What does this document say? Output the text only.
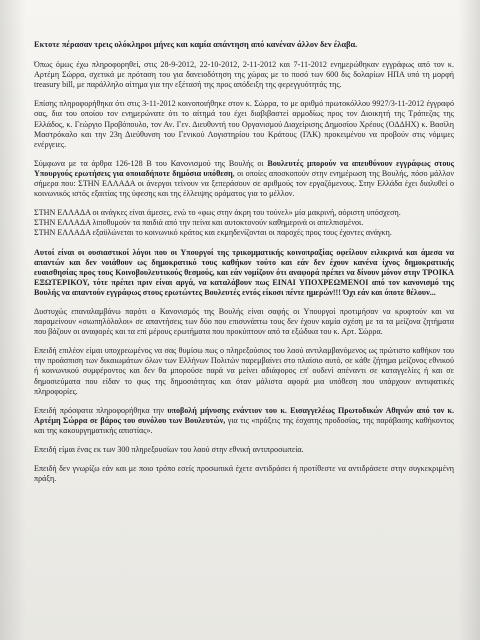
Εκτοτε πέρασαν τρεις ολόκληροι μήνες και καμία απάντηση από κανέναν άλλον δεν έλαβα.
Όπως όμως έχω πληροφορηθεί, στις 28-9-2012, 22-10-2012, 2-11-2012 και 7-11-2012 ενημερώθηκαν εγγράφως από τον κ. Αρτέμη Σώρρα, σχετικά με πρόταση του για δανειοδότηση της χώρας με το ποσό των 600 δις δολαρίων ΗΠΑ υπό τη μορφή treasury bill, με παράλληλο αίτημα για την εξέτασή της προς απόδειξη της φερεγγυότητάς της.
Επίσης πληροφορήθηκα ότι στις 3-11-2012 κοινοποιήθηκε στον κ. Σώρρα, το με αριθμό πρωτοκόλλου 9927/3-11-2012 έγγραφό σας, δια του οποίου τον ενημερώνατε ότι το αίτημά του έχει διαβιβαστεί αρμοδίως προς τον Διοικητή της Τράπεζας της Ελλάδος, κ. Γεώργιο Προβόπουλο, τον Αν. Γεν. Διευθυντή του Οργανισμού Διαχείρισης Δημοσίου Χρέους (ΟΔΔΗΧ) κ. Βασίλη Μαστρόκαλο και την 23η Διεύθυνση του Γενικού Λογιστηρίου του Κράτους (ΓΛΚ) προκειμένου να προβούν στις νόμιμες ενέργειες.
Σύμφωνα με τα άρθρα 126-128 Β του Κανονισμού της Βουλής οι Βουλευτές μπορούν να απευθύνουν εγγράφως στους Υπουργούς ερωτήσεις για οποιαδήποτε δημόσια υπόθεση, οι οποίες αποσκοπούν στην ενημέρωση της Βουλής, πόσο μάλλον σήμερα που: ΣΤΗΝ ΕΛΛΑΔΑ οι άνεργοι τείνουν να ξεπεράσουν σε αριθμούς τον εργαζόμενους. Στην Ελλάδα έχει διαλυθεί ο κοινωνικός ιστός εξαιτίας της ύφεσης και της έλλειψης οράματος για το μέλλον.
ΣΤΗΝ ΕΛΛΑΔΑ οι ανάγκες είναι άμεσες, ενώ το «φως στην άκρη του τούνελ» μία μακρινή, αόριστη υπόσχεση.
ΣΤΗΝ ΕΛΛΑΔΑ λιποθυμούν τα παιδιά από την πείνα και αυτοκτονούν καθημερινά οι απελπισμένοι.
ΣΤΗΝ ΕΛΛΑΔΑ εξαϋλώνεται το κοινωνικό κράτος και εκμηδενίζονται οι παροχές προς τους έχοντες ανάγκη.
Αυτοί είναι οι ουσιαστικοί λόγοι που οι Υπουργοί της τρικομματικής κοινοπραξίας οφείλουν ειλικρινά και άμεσα να απαντών και δεν νοιάθουν ως δημοκρατικό τους καθήκον τούτο και εάν δεν έχουν κανένα ίχνος δημοκρατικής ευαισθησίας προς τους Κοινοβουλευτικούς θεσμούς, και εάν νομίζουν ότι αναφορά πρέπει να δίνουν μόνον στην ΤΡΟΙΚΑ ΕΞΩΤΕΡΙΚΟΥ, τότε πρέπει πριν είναι αργά, να καταλάβουν πως ΕΙΝΑΙ ΥΠΟΧΡΕΩΜΕΝΟΙ από τον κανονισμό της Βουλής να απαντούν εγγράφως στους ερωτώντες Βουλευτές εντός είκοσι πέντε ημερών!!! Όχι εάν και όποτε θέλουν...
Δυστυχώς επαναλαμβάνω παρότι ο Κανονισμός της Βουλής είναι σαφής οι Υπουργοί προτιμήσαν να κρυφτούν και να παραμείνουν «σιωπηλόλαλοι» σε απαντήσεις των δύο που επισυνάπτω τους δεν έχουν καμία σχέση με τα τα μείζονα ζητήματα που βάζουν οι αναφορές και τα επί μέρους ερωτήματα που προκύπτουν από τα εξώδικα του κ. Αρτ. Σώρρα.
Επειδή επιλέον είμαι υποχρεωμένος να σας θυμίσω πως ο πληρεξούσιος του λαού αντιλαμβανόμενος ως πρώτιστο καθήκον του την προάσπιση των δικαιωμάτων όλων των Ελλήνων Πολιτών παρεμβαίνει στο πλαίσιο αυτό, σε κάθε ζήτημα μείζονος εθνικού ή κοινωνικού συμφέροντος και δεν θα μπορούσε παρά να μείνει αδιάφορος επ' ουδενί απέναντι σε καταγγελίες ή και σε δημοσιεύματα που είδαν το φως της δημοσιότητας και όταν μάλιστα αφορά μια υπόθεση που υπάρχουν αντιφατικές πληροφορίες.
Επειδή πρόσφατα πληροφορήθηκα την υποβολή μήνυσης ενάντιον του κ. Εισαγγελέως Πρωτοδικών Αθηνών από τον κ. Αρτέμη Σώρρα σε βάρος του συνόλου των Βουλευτών, για τις «πράξεις της έσχατης προδοσίας, της παράβασης καθήκοντος και της κακουργηματικής απιστίας».
Επειδή είμαι ένας εκ των 300 πληρεξουσίων του λαού στην εθνική αντιπροσωπεία.
Επειδή δεν γνωρίζω εάν και με ποιο τρόπο εσείς προσωπικά έχετε αντιδράσει ή προτίθεστε να αντιδράσετε στην συγκεκριμένη πράξη.
